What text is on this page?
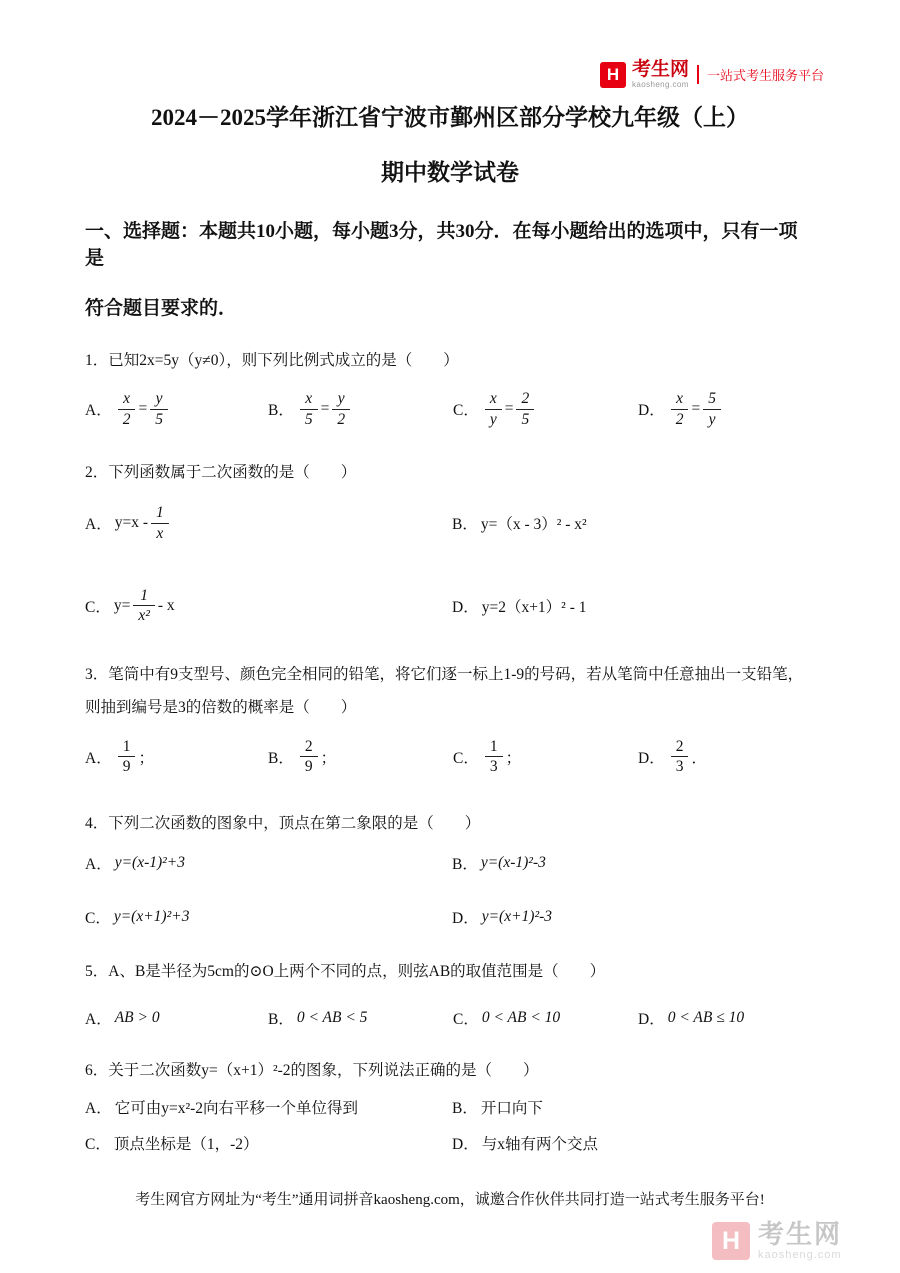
H 考生网
kaosheng.com
一站式考生服务平台
2024－2025学年浙江省宁波市鄞州区部分学校九年级（上）
期中数学试卷
一、选择题：本题共10小题，每小题3分，共30分．在每小题给出的选项中，只有一项是
符合题目要求的．
1．已知2x=5y（y≠0），则下列比例式成立的是（　　）
A． $\frac{x}{2} = \frac{y}{5}$	B． $\frac{x}{5} = \frac{y}{2}$	C． $\frac{x}{y} = \frac{2}{5}$	D． $\frac{x}{2} = \frac{5}{y}$
2．下列函数属于二次函数的是（　　）
A． $y=x - \frac{1}{x}$	B． y=（x - 3）² - x²
C． $y= \frac{1}{\text{x²}} - x$	D． y=2（x+1）² - 1
3．笔筒中有9支型号、颜色完全相同的铅笔，将它们逐一标上1-9的号码，若从笔筒中任意抽出一支铅笔，
则抽到编号是3的倍数的概率是（　　）
A． $\frac{1}{9}$ ；	B． $\frac{2}{9}$ ；	C． $\frac{1}{3}$ ；	D． $\frac{2}{3}$ ．
4．下列二次函数的图象中，顶点在第二象限的是（　　）
A． y=(x-1)²+3	B． y=(x-1)²-3
C． y=(x+1)²+3	D． y=(x+1)²-3
5．A、B是半径为5cm的⊙O上两个不同的点，则弦AB的取值范围是（　　）
A． AB > 0	B． 0 < AB < 5	C． 0 < AB < 10	D． 0 < AB ≤ 10
6．关于二次函数y=（x+1）²-2的图象，下列说法正确的是（　　）
A． 它可由y=x²-2向右平移一个单位得到	B． 开口向下
C． 顶点坐标是（1，-2）	D． 与x轴有两个交点
考生网官方网址为“考生”通用词拼音kaosheng.com，诚邀合作伙伴共同打造一站式考生服务平台!
H 考生网
kaosheng.com
